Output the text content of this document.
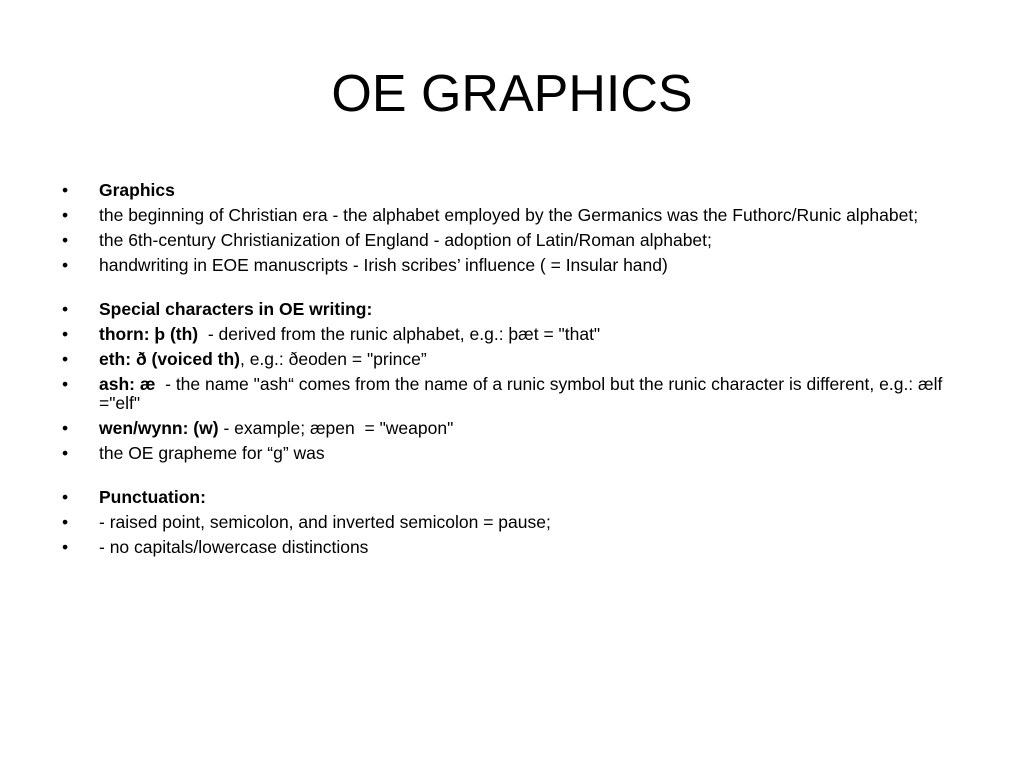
OE GRAPHICS
• Graphics
• the beginning of Christian era - the alphabet employed by the Germanics was the Futhorc/Runic alphabet;
• the 6th-century Christianization of England - adoption of Latin/Roman alphabet;
• handwriting in EOE manuscripts - Irish scribes’ influence ( = Insular hand)
• Special characters in OE writing:
• thorn: þ (th)  - derived from the runic alphabet, e.g.: þæt = "that"
• eth: ð (voiced th), e.g.: ðeoden = "prince”
• ash: æ  - the name "ash“ comes from the name of a runic symbol but the runic character is different, e.g.: ælf  ="elf"
• wen/wynn: (w) - example; æpen  = "weapon"
• the OE grapheme for “g” was
• Punctuation:
• - raised point, semicolon, and inverted semicolon = pause;
• - no capitals/lowercase distinctions
